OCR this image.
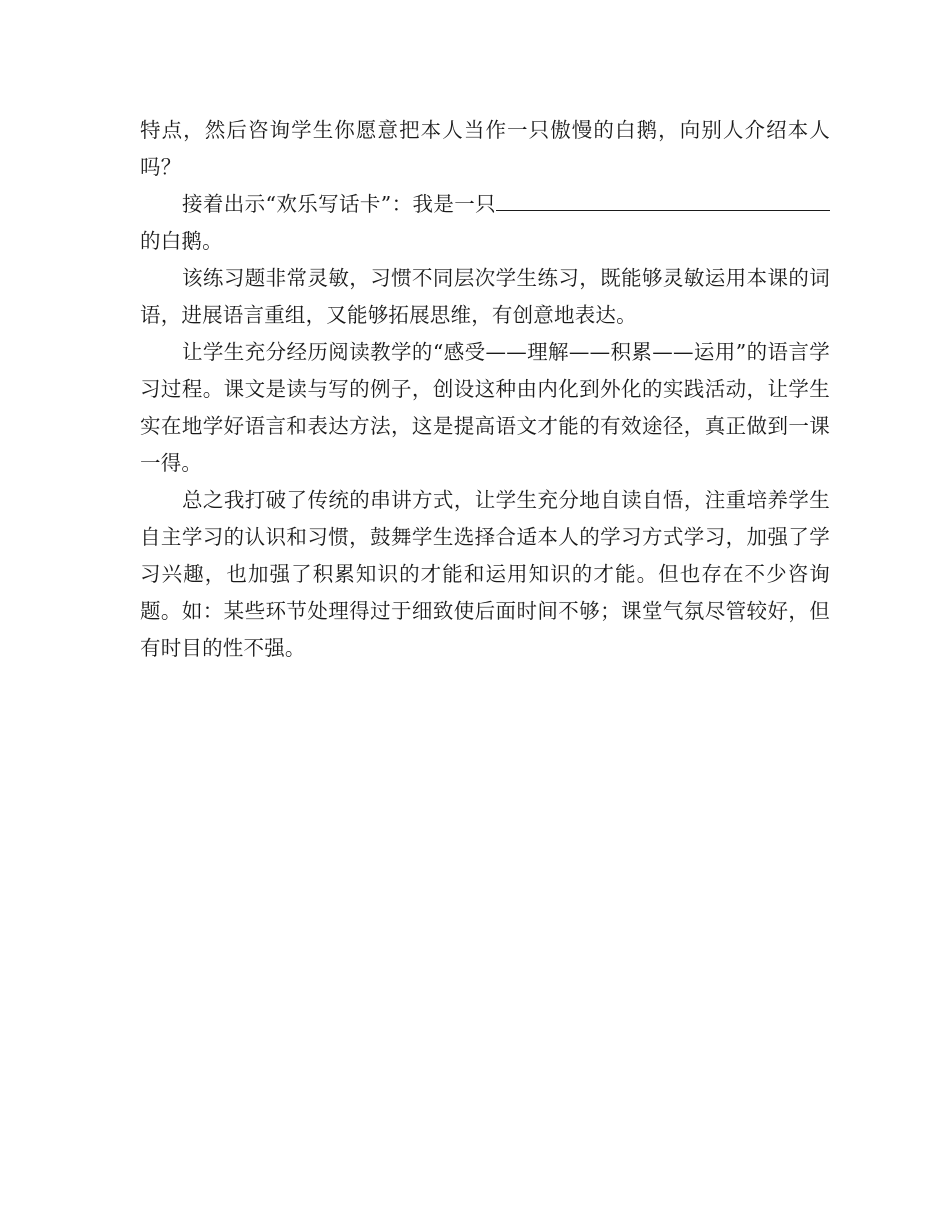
特点，然后咨询学生你愿意把本人当作一只傲慢的白鹅，向别人介绍本人吗？

接着出示“欢乐写话卡”：我是一只的白鹅。

该练习题非常灵敏，习惯不同层次学生练习，既能够灵敏运用本课的词语，进展语言重组，又能够拓展思维，有创意地表达。

让学生充分经历阅读教学的“感受——理解——积累——运用”的语言学习过程。课文是读与写的例子，创设这种由内化到外化的实践活动，让学生实在地学好语言和表达方法，这是提高语文才能的有效途径，真正做到一课一得。

总之我打破了传统的串讲方式，让学生充分地自读自悟，注重培养学生自主学习的认识和习惯，鼓舞学生选择合适本人的学习方式学习，加强了学习兴趣，也加强了积累知识的才能和运用知识的才能。但也存在不少咨询题。如：某些环节处理得过于细致使后面时间不够；课堂气氛尽管较好，但有时目的性不强。
